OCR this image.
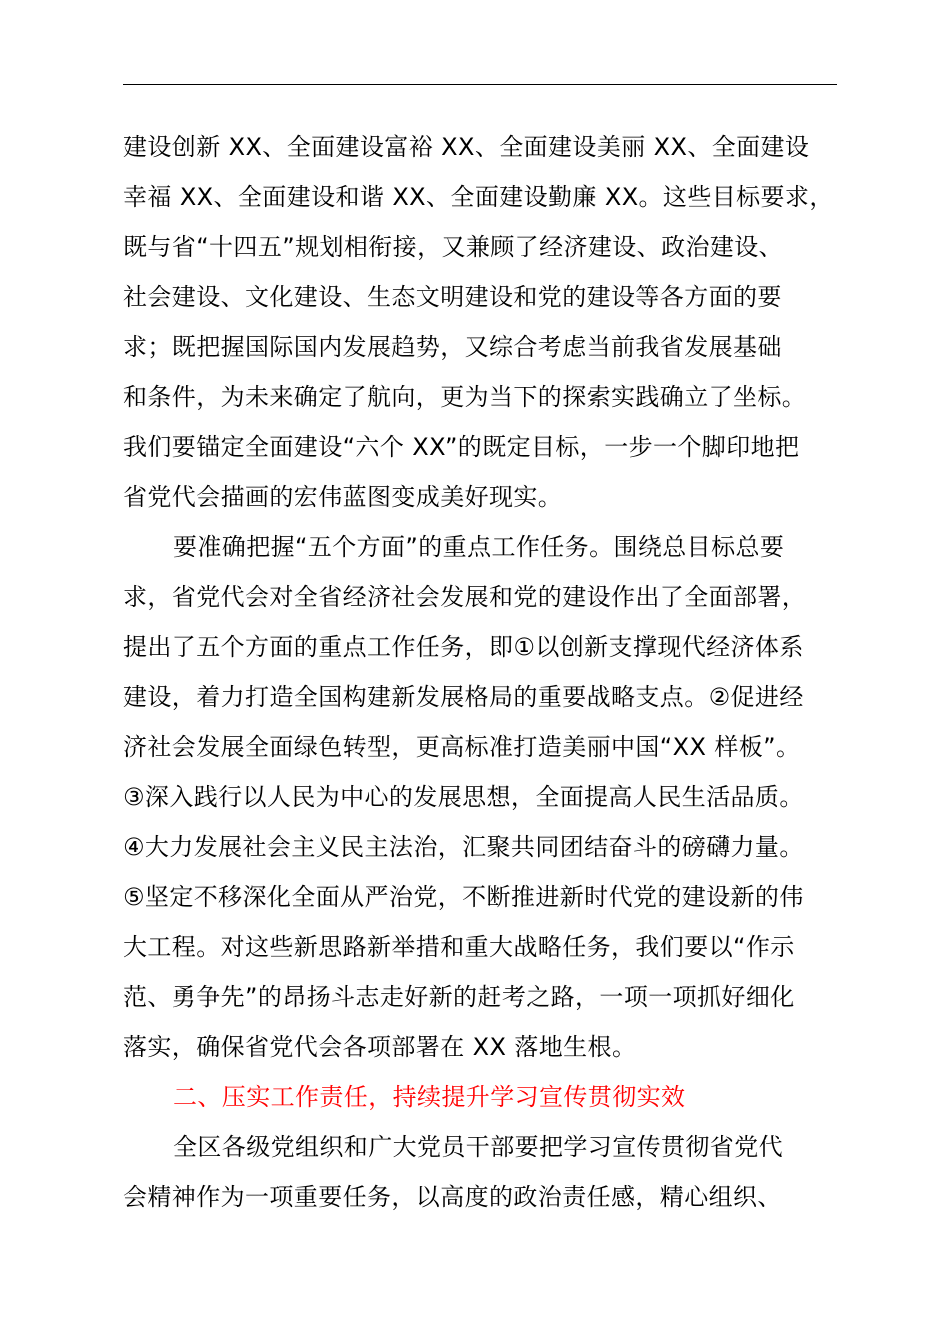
建设创新 XX、全面建设富裕 XX、全面建设美丽 XX、全面建设
幸福 XX、全面建设和谐 XX、全面建设勤廉 XX。这些目标要求，
既与省“十四五”规划相衔接，又兼顾了经济建设、政治建设、
社会建设、文化建设、生态文明建设和党的建设等各方面的要
求；既把握国际国内发展趋势，又综合考虑当前我省发展基础
和条件，为未来确定了航向，更为当下的探索实践确立了坐标。
我们要锚定全面建设“六个 XX”的既定目标，一步一个脚印地把
省党代会描画的宏伟蓝图变成美好现实。
要准确把握“五个方面”的重点工作任务。围绕总目标总要
求，省党代会对全省经济社会发展和党的建设作出了全面部署，
提出了五个方面的重点工作任务，即①以创新支撑现代经济体系
建设，着力打造全国构建新发展格局的重要战略支点。②促进经
济社会发展全面绿色转型，更高标准打造美丽中国“XX 样板”。
③深入践行以人民为中心的发展思想，全面提高人民生活品质。
④大力发展社会主义民主法治，汇聚共同团结奋斗的磅礴力量。
⑤坚定不移深化全面从严治党，不断推进新时代党的建设新的伟
大工程。对这些新思路新举措和重大战略任务，我们要以“作示
范、勇争先”的昂扬斗志走好新的赶考之路，一项一项抓好细化
落实，确保省党代会各项部署在 XX 落地生根。
二、压实工作责任，持续提升学习宣传贯彻实效
全区各级党组织和广大党员干部要把学习宣传贯彻省党代
会精神作为一项重要任务，以高度的政治责任感，精心组织、
